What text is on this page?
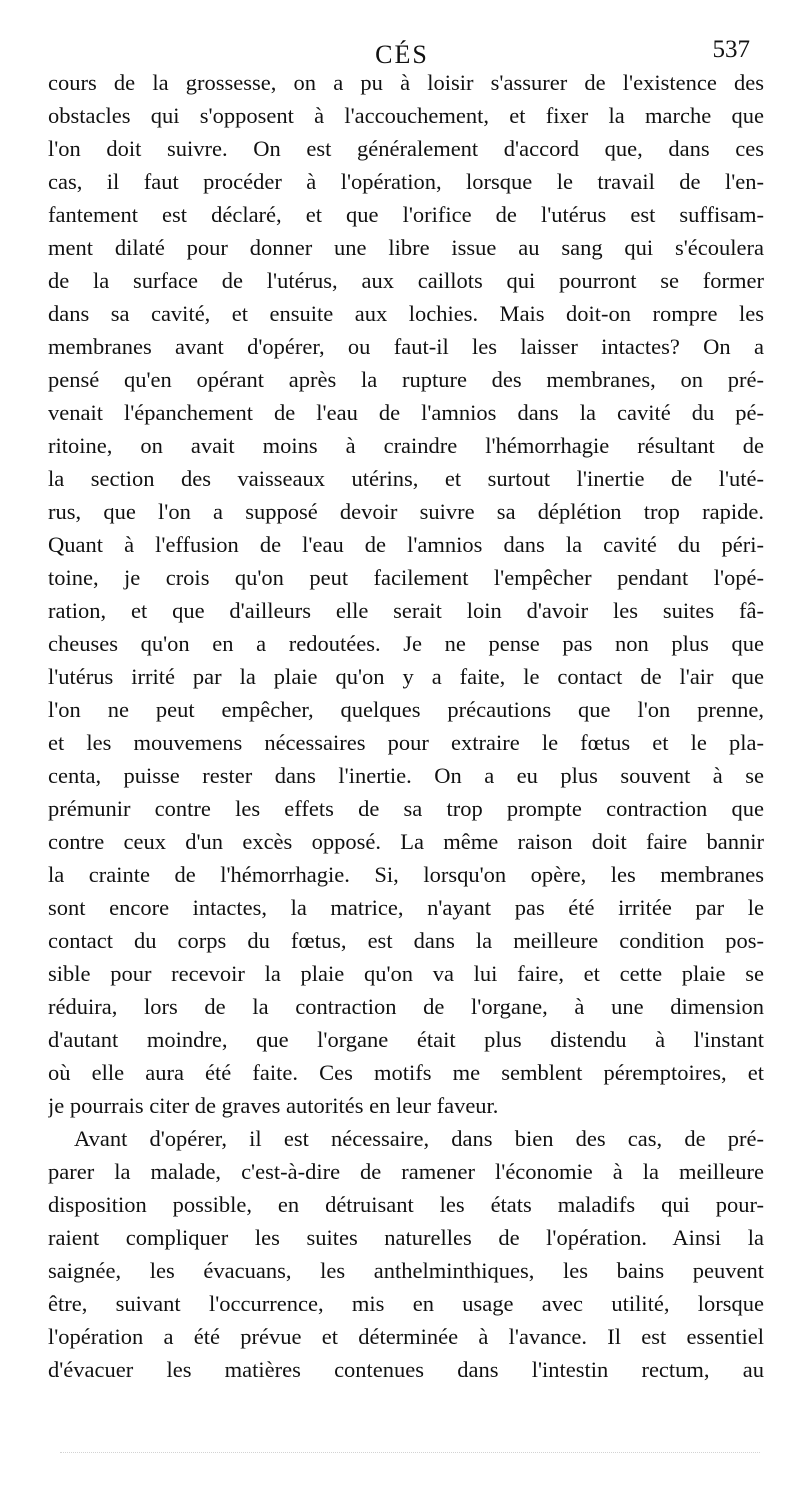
CÉS	537
cours de la grossesse, on a pu à loisir s'assurer de l'existence des
obstacles qui s'opposent à l'accouchement, et fixer la marche que
l'on doit suivre. On est généralement d'accord que, dans ces
cas, il faut procéder à l'opération, lorsque le travail de l'en-
fantement est déclaré, et que l'orifice de l'utérus est suffisam-
ment dilaté pour donner une libre issue au sang qui s'écoulera
de la surface de l'utérus, aux caillots qui pourront se former
dans sa cavité, et ensuite aux lochies. Mais doit-on rompre les
membranes avant d'opérer, ou faut-il les laisser intactes? On a
pensé qu'en opérant après la rupture des membranes, on pré-
venait l'épanchement de l'eau de l'amnios dans la cavité du pé-
ritoine, on avait moins à craindre l'hémorrhagie résultant de
la section des vaisseaux utérins, et surtout l'inertie de l'uté-
rus, que l'on a supposé devoir suivre sa déplétion trop rapide.
Quant à l'effusion de l'eau de l'amnios dans la cavité du péri-
toine, je crois qu'on peut facilement l'empêcher pendant l'opé-
ration, et que d'ailleurs elle serait loin d'avoir les suites fâ-
cheuses qu'on en a redoutées. Je ne pense pas non plus que
l'utérus irrité par la plaie qu'on y a faite, le contact de l'air que
l'on ne peut empêcher, quelques précautions que l'on prenne,
et les mouvemens nécessaires pour extraire le fœtus et le pla-
centa, puisse rester dans l'inertie. On a eu plus souvent à se
prémunir contre les effets de sa trop prompte contraction que
contre ceux d'un excès opposé. La même raison doit faire bannir
la crainte de l'hémorrhagie. Si, lorsqu'on opère, les membranes
sont encore intactes, la matrice, n'ayant pas été irritée par le
contact du corps du fœtus, est dans la meilleure condition pos-
sible pour recevoir la plaie qu'on va lui faire, et cette plaie se
réduira, lors de la contraction de l'organe, à une dimension
d'autant moindre, que l'organe était plus distendu à l'instant
où elle aura été faite. Ces motifs me semblent péremptoires, et
je pourrais citer de graves autorités en leur faveur.
Avant d'opérer, il est nécessaire, dans bien des cas, de pré-
parer la malade, c'est-à-dire de ramener l'économie à la meilleure
disposition possible, en détruisant les états maladifs qui pour-
raient compliquer les suites naturelles de l'opération. Ainsi la
saignée, les évacuans, les anthelminthiques, les bains peuvent
être, suivant l'occurrence, mis en usage avec utilité, lorsque
l'opération a été prévue et déterminée à l'avance. Il est essentiel
d'évacuer les matières contenues dans l'intestin rectum, au
